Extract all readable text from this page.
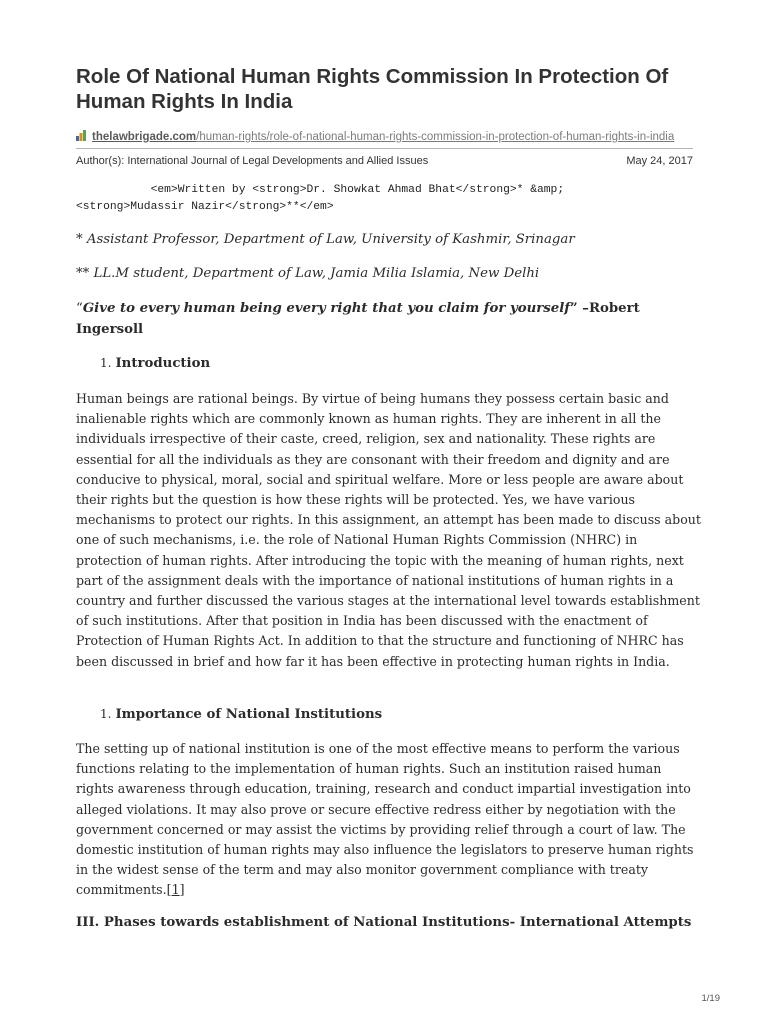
Role Of National Human Rights Commission In Protection Of Human Rights In India
thelawbrigade.com/human-rights/role-of-national-human-rights-commission-in-protection-of-human-rights-in-india
Author(s): International Journal of Legal Developments and Allied Issues	May 24, 2017
<em>Written by <strong>Dr. Showkat Ahmad Bhat</strong>* &amp;
<strong>Mudassir Nazir</strong>**</em>
* Assistant Professor, Department of Law, University of Kashmir, Srinagar
** LL.M student, Department of Law, Jamia Milia Islamia, New Delhi
“Give to every human being every right that you claim for yourself” –Robert Ingersoll
1. Introduction

Human beings are rational beings. By virtue of being humans they possess certain basic and inalienable rights which are commonly known as human rights. They are inherent in all the individuals irrespective of their caste, creed, religion, sex and nationality. These rights are essential for all the individuals as they are consonant with their freedom and dignity and are conducive to physical, moral, social and spiritual welfare. More or less people are aware about their rights but the question is how these rights will be protected. Yes, we have various mechanisms to protect our rights. In this assignment, an attempt has been made to discuss about one of such mechanisms, i.e. the role of National Human Rights Commission (NHRC) in protection of human rights. After introducing the topic with the meaning of human rights, next part of the assignment deals with the importance of national institutions of human rights in a country and further discussed the various stages at the international level towards establishment of such institutions. After that position in India has been discussed with the enactment of Protection of Human Rights Act. In addition to that the structure and functioning of NHRC has been discussed in brief and how far it has been effective in protecting human rights in India.

1. Importance of National Institutions

The setting up of national institution is one of the most effective means to perform the various functions relating to the implementation of human rights. Such an institution raised human rights awareness through education, training, research and conduct impartial investigation into alleged violations. It may also prove or secure effective redress either by negotiation with the government concerned or may assist the victims by providing relief through a court of law. The domestic institution of human rights may also influence the legislators to preserve human rights in the widest sense of the term and may also monitor government compliance with treaty commitments.[1]

III. Phases towards establishment of National Institutions- International Attempts
1/19
